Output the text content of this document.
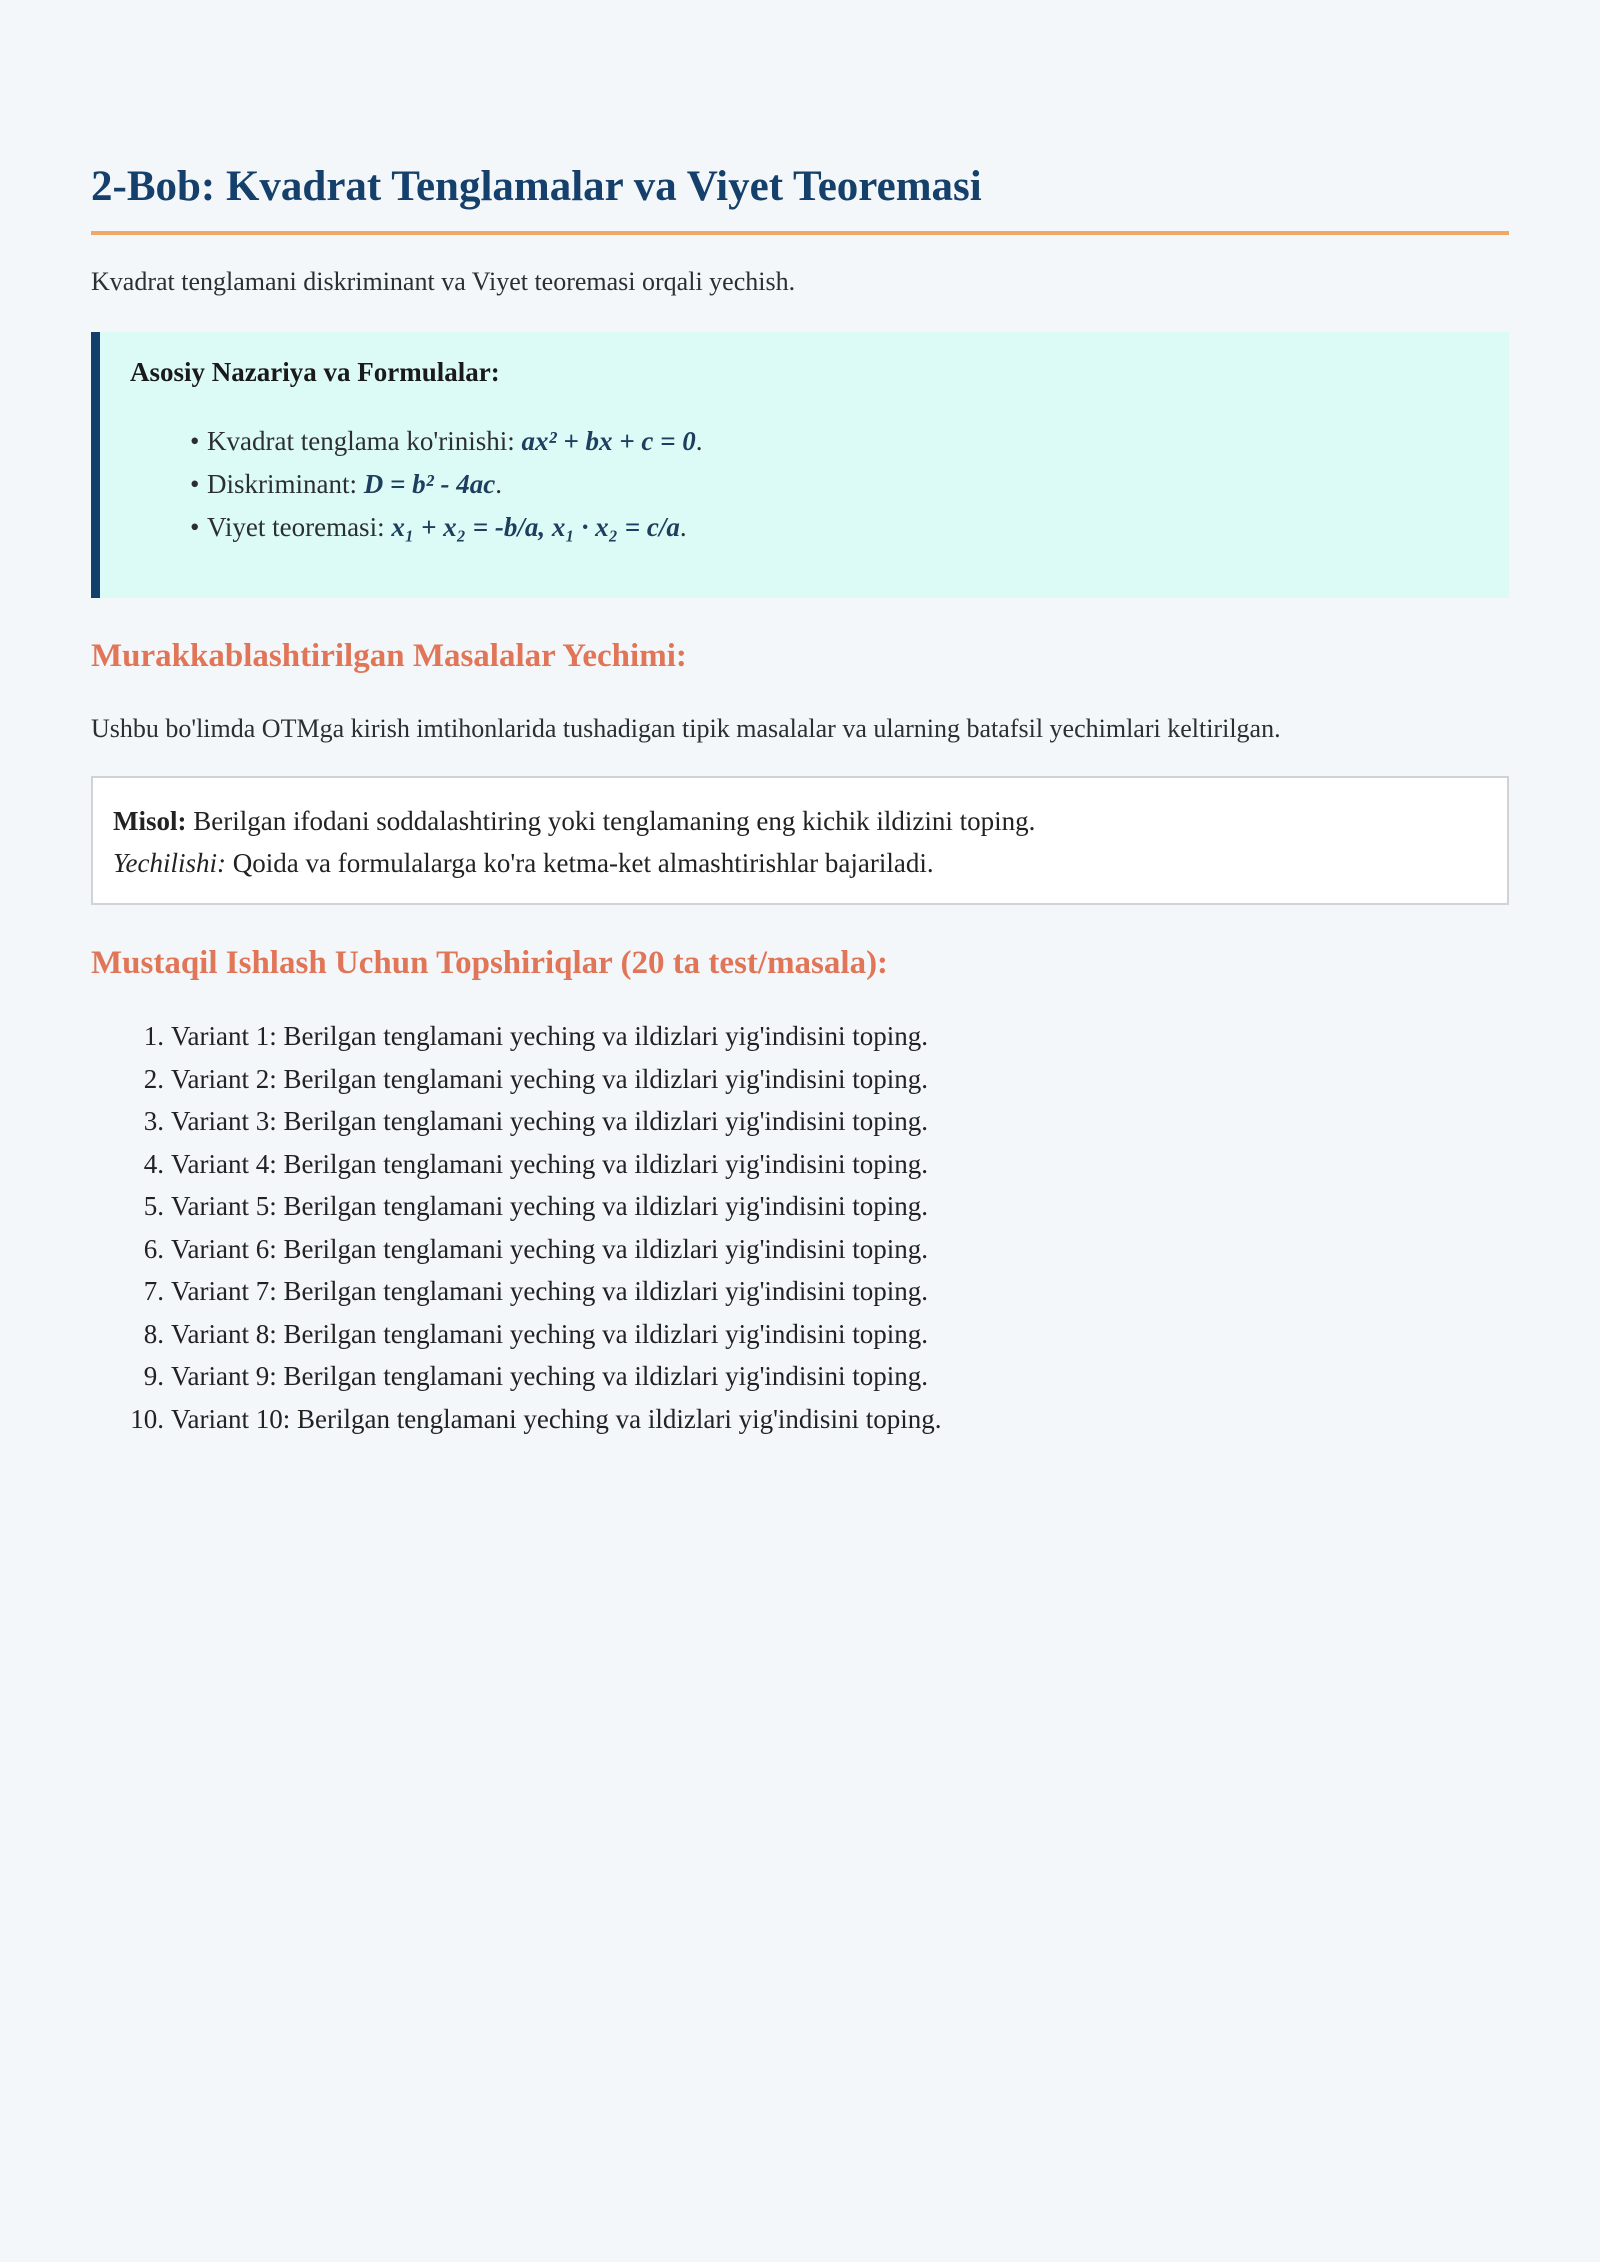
2-Bob: Kvadrat Tenglamalar va Viyet Teoremasi
Kvadrat tenglamani diskriminant va Viyet teoremasi orqali yechish.
Asosiy Nazariya va Formulalar:
• Kvadrat tenglama ko'rinishi: ax² + bx + c = 0.
• Diskriminant: D = b² - 4ac.
• Viyet teoremasi: x₁ + x₂ = -b/a, x₁ · x₂ = c/a.
Murakkablashtirilgan Masalalar Yechimi:
Ushbu bo'limda OTMga kirish imtihonlarida tushadigan tipik masalalar va ularning batafsil yechimlari keltirilgan.
Misol: Berilgan ifodani soddalashtiring yoki tenglamaning eng kichik ildizini toping.
Yechilishi: Qoida va formulalarga ko'ra ketma-ket almashtirishlar bajariladi.
Mustaqil Ishlash Uchun Topshiriqlar (20 ta test/masala):
1. Variant 1: Berilgan tenglamani yeching va ildizlari yig'indisini toping.
2. Variant 2: Berilgan tenglamani yeching va ildizlari yig'indisini toping.
3. Variant 3: Berilgan tenglamani yeching va ildizlari yig'indisini toping.
4. Variant 4: Berilgan tenglamani yeching va ildizlari yig'indisini toping.
5. Variant 5: Berilgan tenglamani yeching va ildizlari yig'indisini toping.
6. Variant 6: Berilgan tenglamani yeching va ildizlari yig'indisini toping.
7. Variant 7: Berilgan tenglamani yeching va ildizlari yig'indisini toping.
8. Variant 8: Berilgan tenglamani yeching va ildizlari yig'indisini toping.
9. Variant 9: Berilgan tenglamani yeching va ildizlari yig'indisini toping.
10. Variant 10: Berilgan tenglamani yeching va ildizlari yig'indisini toping.
